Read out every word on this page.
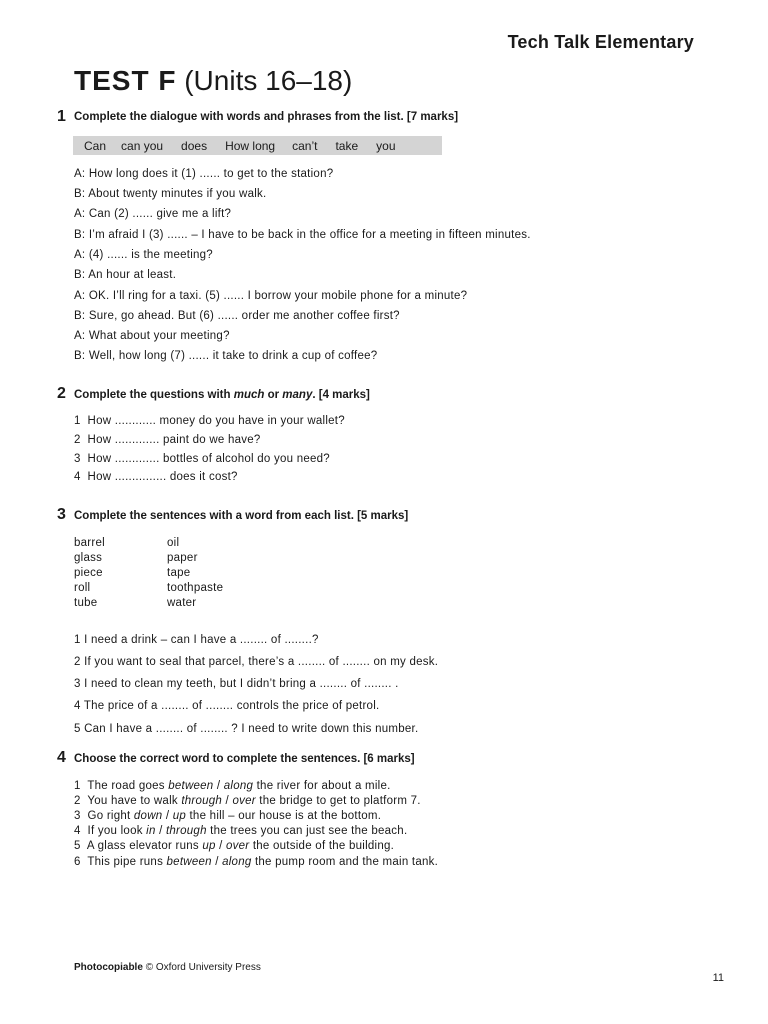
Tech Talk Elementary
TEST F (Units 16–18)
1 Complete the dialogue with words and phrases from the list. [7 marks]
Can can you does How long can’t take you
A: How long does it (1) ...... to get to the station?
B: About twenty minutes if you walk.
A: Can (2) ...... give me a lift?
B: I’m afraid I (3) ...... – I have to be back in the office for a meeting in fifteen minutes.
A: (4) ...... is the meeting?
B: An hour at least.
A: OK. I’ll ring for a taxi. (5) ...... I borrow your mobile phone for a minute?
B: Sure, go ahead. But (6) ...... order me another coffee first?
A: What about your meeting?
B: Well, how long (7) ...... it take to drink a cup of coffee?
2 Complete the questions with much or many. [4 marks]
1 How ............ money do you have in your wallet?
2 How ............. paint do we have?
3 How ............. bottles of alcohol do you need?
4 How ............... does it cost?
3 Complete the sentences with a word from each list. [5 marks]
barrel
glass
piece
roll
tube
oil
paper
tape
toothpaste
water
1 I need a drink – can I have a ........ of ........?
2 If you want to seal that parcel, there’s a ........ of ........ on my desk.
3 I need to clean my teeth, but I didn’t bring a ........ of ........ .
4 The price of a ........ of ........ controls the price of petrol.
5 Can I have a ........ of ........ ? I need to write down this number.
4 Choose the correct word to complete the sentences. [6 marks]
1 The road goes between / along the river for about a mile.
2 You have to walk through / over the bridge to get to platform 7.
3 Go right down / up the hill – our house is at the bottom.
4 If you look in / through the trees you can just see the beach.
5 A glass elevator runs up / over the outside of the building.
6 This pipe runs between / along the pump room and the main tank.
Photocopiable © Oxford University Press
11
